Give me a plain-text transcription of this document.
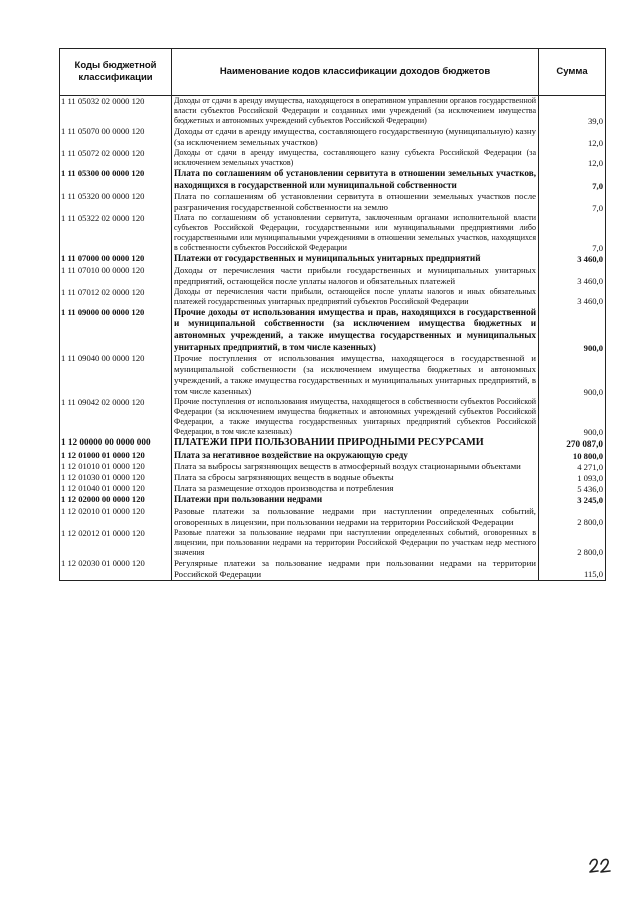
Коды бюджетной классификации	Наименование кодов классификации доходов бюджетов	Сумма
1 11 05032 02 0000 120	Доходы от сдачи в аренду имущества, находящегося в оперативном управлении органов государственной власти субъектов Российской Федерации и созданных ими учреждений (за исключением имущества бюджетных и автономных учреждений субъектов Российской Федерации)	39,0
1 11 05070 00 0000 120	Доходы от сдачи в аренду имущества, составляющего государственную (муниципальную) казну (за исключением земельных участков)	12,0
1 11 05072 02 0000 120	Доходы от сдачи в аренду имущества, составляющего казну субъекта Российской Федерации (за исключением земельных участков)	12,0
1 11 05300 00 0000 120	Плата по соглашениям об установлении сервитута в отношении земельных участков, находящихся в государственной или муниципальной собственности	7,0
1 11 05320 00 0000 120	Плата по соглашениям об установлении сервитута в отношении земельных участков после разграничения государственной собственности на землю	7,0
1 11 05322 02 0000 120	Плата по соглашениям об установлении сервитута, заключенным органами исполнительной власти субъектов Российской Федерации, государственными или муниципальными предприятиями либо государственными или муниципальными учреждениями в отношении земельных участков, находящихся в собственности субъектов Российской Федерации	7,0
1 11 07000 00 0000 120	Платежи от государственных и муниципальных унитарных предприятий	3 460,0
1 11 07010 00 0000 120	Доходы от перечисления части прибыли государственных и муниципальных унитарных предприятий, остающейся после уплаты налогов и обязательных платежей	3 460,0
1 11 07012 02 0000 120	Доходы от перечисления части прибыли, остающейся после уплаты налогов и иных обязательных платежей государственных унитарных предприятий субъектов Российской Федерации	3 460,0
1 11 09000 00 0000 120	Прочие доходы от использования имущества и прав, находящихся в государственной и муниципальной собственности (за исключением имущества бюджетных и автономных учреждений, а также имущества государственных и муниципальных унитарных предприятий, в том числе казенных)	900,0
1 11 09040 00 0000 120	Прочие поступления от использования имущества, находящегося в государственной и муниципальной собственности (за исключением имущества бюджетных и автономных учреждений, а также имущества государственных и муниципальных унитарных предприятий, в том числе казенных)	900,0
1 11 09042 02 0000 120	Прочие поступления от использования имущества, находящегося в собственности субъектов Российской Федерации (за исключением имущества бюджетных и автономных учреждений субъектов Российской Федерации, а также имущества государственных унитарных предприятий субъектов Российской Федерации, в том числе казенных)	900,0
1 12 00000 00 0000 000	ПЛАТЕЖИ ПРИ ПОЛЬЗОВАНИИ ПРИРОДНЫМИ РЕСУРСАМИ	270 087,0
1 12 01000 01 0000 120	Плата за негативное воздействие на окружающую среду	10 800,0
1 12 01010 01 0000 120	Плата за выбросы загрязняющих веществ в атмосферный воздух стационарными объектами	4 271,0
1 12 01030 01 0000 120	Плата за сбросы загрязняющих веществ в водные объекты	1 093,0
1 12 01040 01 0000 120	Плата за размещение отходов производства и потребления	5 436,0
1 12 02000 00 0000 120	Платежи при пользовании недрами	3 245,0
1 12 02010 01 0000 120	Разовые платежи за пользование недрами при наступлении определенных событий, оговоренных в лицензии, при пользовании недрами на территории Российской Федерации	2 800,0
1 12 02012 01 0000 120	Разовые платежи за пользование недрами при наступлении определенных событий, оговоренных в лицензии, при пользовании недрами на территории Российской Федерации по участкам недр местного значения	2 800,0
1 12 02030 01 0000 120	Регулярные платежи за пользование недрами при пользовании недрами на территории Российской Федерации	115,0
